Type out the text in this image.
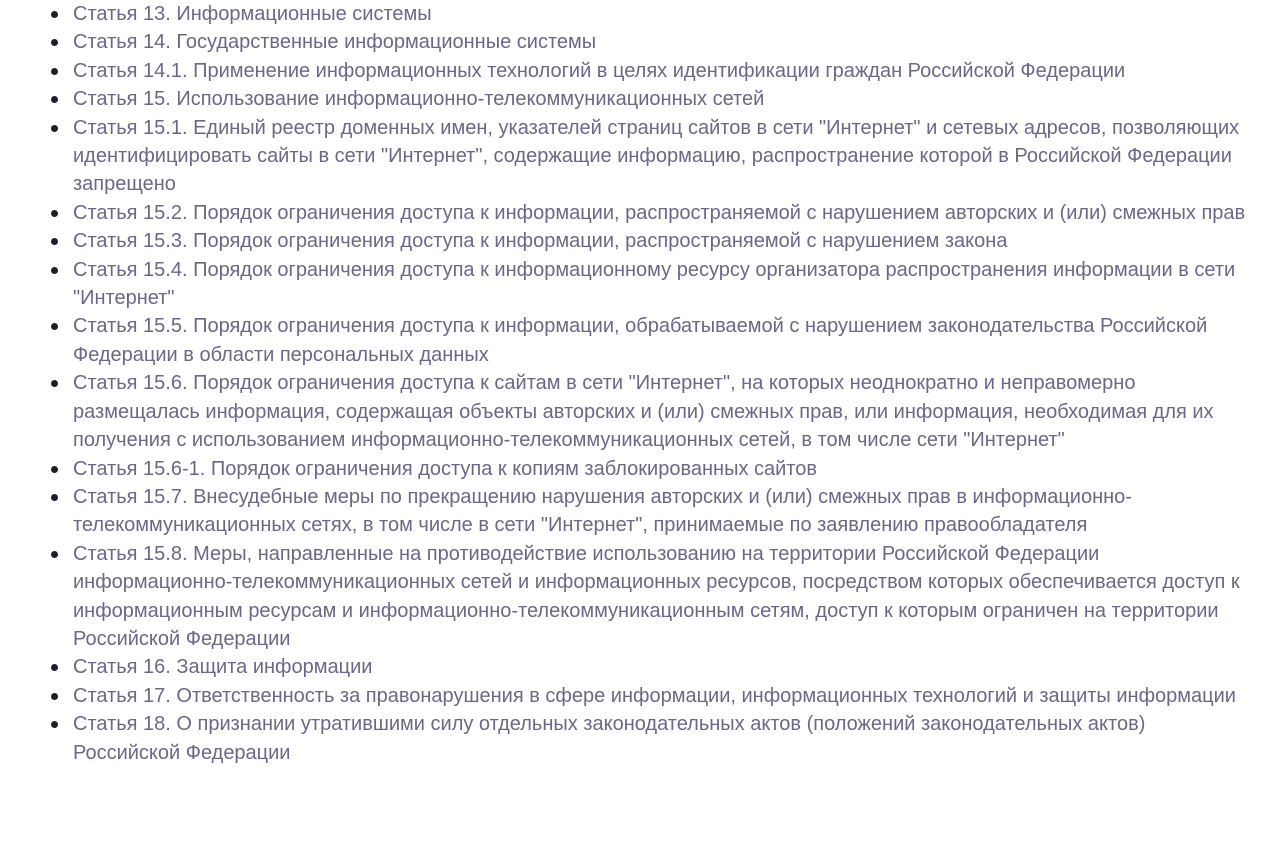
Статья 13. Информационные системы
Статья 14. Государственные информационные системы
Статья 14.1. Применение информационных технологий в целях идентификации граждан Российской Федерации
Статья 15. Использование информационно-телекоммуникационных сетей
Статья 15.1. Единый реестр доменных имен, указателей страниц сайтов в сети "Интернет" и сетевых адресов, позволяющих идентифицировать сайты в сети "Интернет", содержащие информацию, распространение которой в Российской Федерации запрещено
Статья 15.2. Порядок ограничения доступа к информации, распространяемой с нарушением авторских и (или) смежных прав
Статья 15.3. Порядок ограничения доступа к информации, распространяемой с нарушением закона
Статья 15.4. Порядок ограничения доступа к информационному ресурсу организатора распространения информации в сети "Интернет"
Статья 15.5. Порядок ограничения доступа к информации, обрабатываемой с нарушением законодательства Российской Федерации в области персональных данных
Статья 15.6. Порядок ограничения доступа к сайтам в сети "Интернет", на которых неоднократно и неправомерно размещалась информация, содержащая объекты авторских и (или) смежных прав, или информация, необходимая для их получения с использованием информационно-телекоммуникационных сетей, в том числе сети "Интернет"
Статья 15.6-1. Порядок ограничения доступа к копиям заблокированных сайтов
Статья 15.7. Внесудебные меры по прекращению нарушения авторских и (или) смежных прав в информационно-телекоммуникационных сетях, в том числе в сети "Интернет", принимаемые по заявлению правообладателя
Статья 15.8. Меры, направленные на противодействие использованию на территории Российской Федерации информационно-телекоммуникационных сетей и информационных ресурсов, посредством которых обеспечивается доступ к информационным ресурсам и информационно-телекоммуникационным сетям, доступ к которым ограничен на территории Российской Федерации
Статья 16. Защита информации
Статья 17. Ответственность за правонарушения в сфере информации, информационных технологий и защиты информации
Статья 18. О признании утратившими силу отдельных законодательных актов (положений законодательных актов) Российской Федерации
